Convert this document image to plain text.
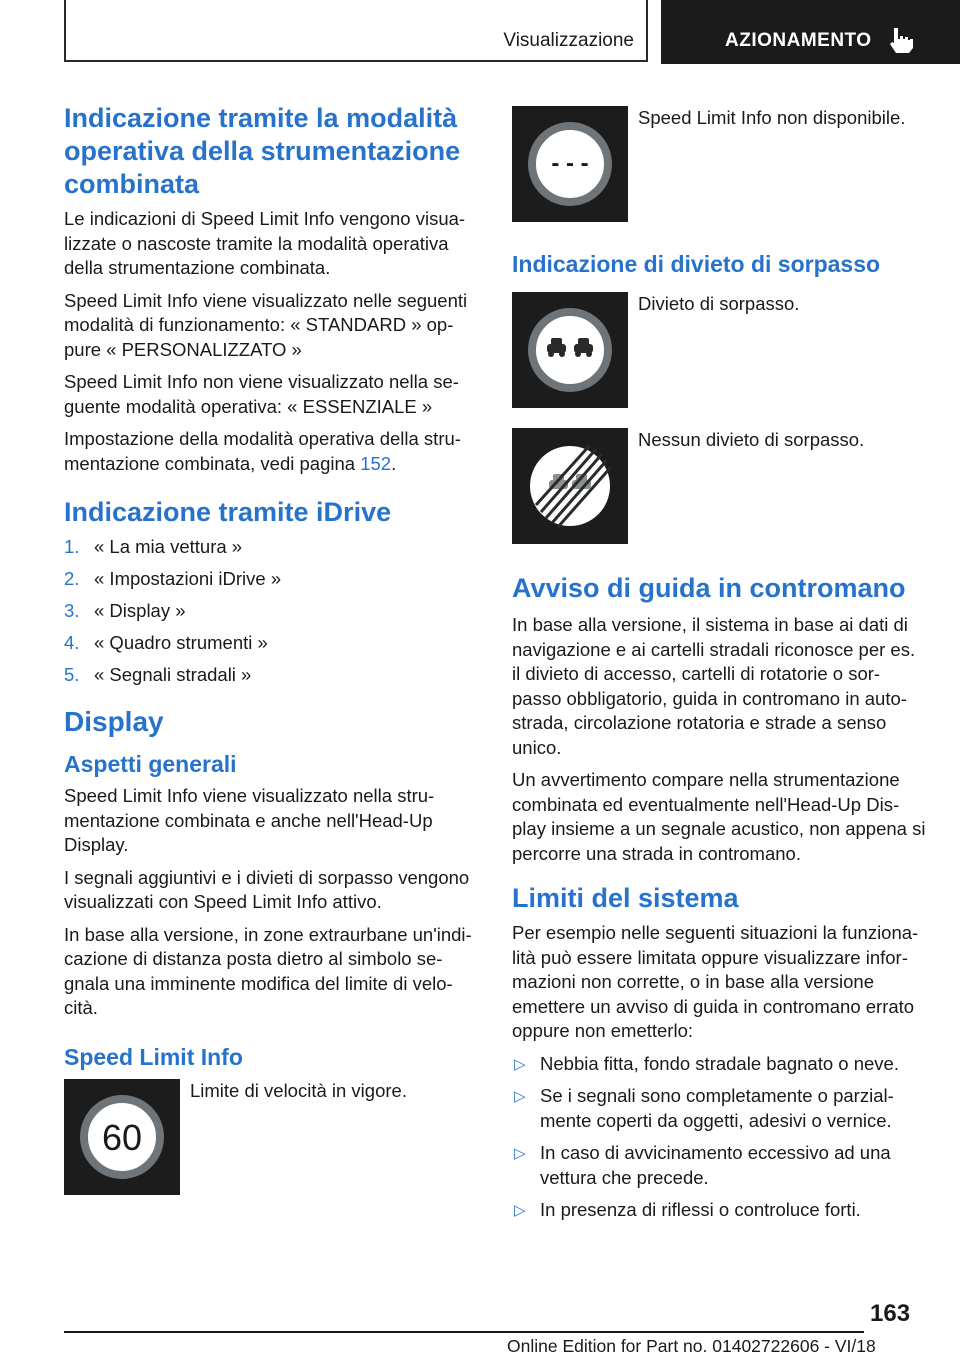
Visualizzazione	AZIONAMENTO
Indicazione tramite la modalità operativa della strumentazione combinata

Le indicazioni di Speed Limit Info vengono visua-lizzate o nascoste tramite la modalità operativa della strumentazione combinata.

Speed Limit Info viene visualizzato nelle seguenti modalità di funzionamento: « STANDARD » op-pure « PERSONALIZZATO »

Speed Limit Info non viene visualizzato nella se-guente modalità operativa: « ESSENZIALE »

Impostazione della modalità operativa della stru-mentazione combinata, vedi pagina 152.

Indicazione tramite iDrive
1. « La mia vettura »
2. « Impostazioni iDrive »
3. « Display »
4. « Quadro strumenti »
5. « Segnali stradali »
Display
Aspetti generali

Speed Limit Info viene visualizzato nella stru-mentazione combinata e anche nell'Head-Up Display.

I segnali aggiuntivi e i divieti di sorpasso vengono visualizzati con Speed Limit Info attivo.

In base alla versione, in zone extraurbane un'indi-cazione di distanza posta dietro al simbolo se-gnala una imminente modifica del limite di velo-cità.

Speed Limit Info
60
Limite di velocità in vigore.
- - -
Speed Limit Info non disponibile.
Indicazione di divieto di sorpasso
Divieto di sorpasso.
Nessun divieto di sorpasso.
Avviso di guida in contromano

In base alla versione, il sistema in base ai dati di navigazione e ai cartelli stradali riconosce per es. il divieto di accesso, cartelli di rotatorie o sor-passo obbligatorio, guida in contromano in auto-strada, circolazione rotatoria e strade a senso unico.

Un avvertimento compare nella strumentazione combinata ed eventualmente nell'Head-Up Dis-play insieme a un segnale acustico, non appena si percorre una strada in contromano.

Limiti del sistema

Per esempio nelle seguenti situazioni la funziona-lità può essere limitata oppure visualizzare infor-mazioni non corrette, o in base alla versione emettere un avviso di guida in contromano errato oppure non emetterlo:

▷ Nebbia fitta, fondo stradale bagnato o neve.
▷ Se i segnali sono completamente o parzial-mente coperti da oggetti, adesivi o vernice.
▷ In caso di avvicinamento eccessivo ad una vettura che precede.
▷ In presenza di riflessi o controluce forti.
163
Online Edition for Part no. 01402722606 - VI/18
